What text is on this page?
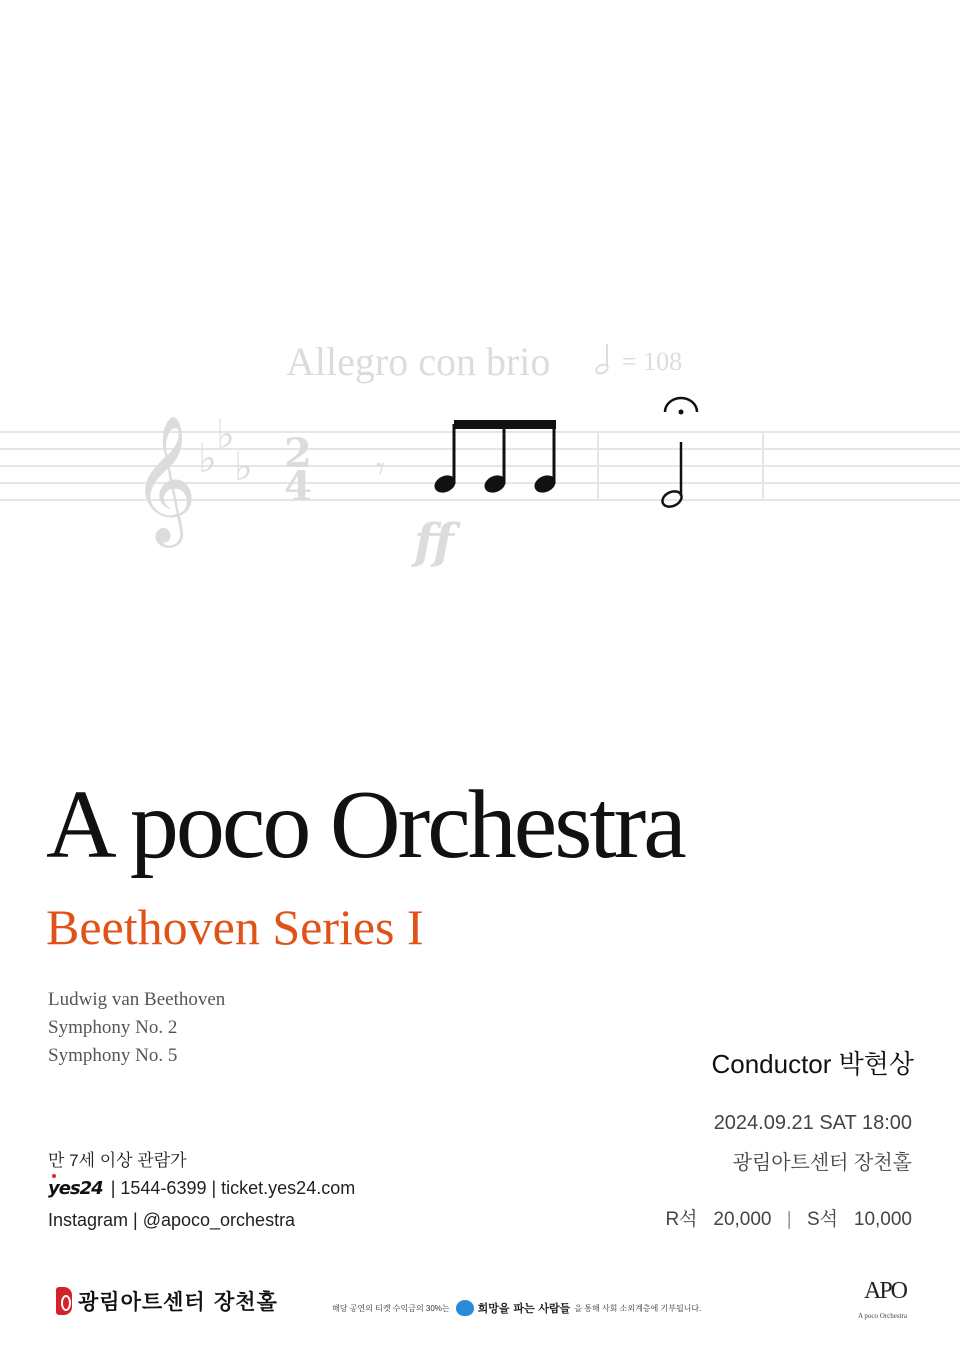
Allegro con brio	= 108
𝄞 ♭
♭
♭ 2
4 𝄾
ff
A poco Orchestra
Beethoven Series I
Ludwig van Beethoven
Symphony No. 2
Symphony No. 5	Conductor 박현상
2024.09.21 SAT 18:00
광림아트센터 장천홀
R석 20,000 | S석 10,000
만 7세 이상 관람가
yes24 | 1544-6399 | ticket.yes24.com
Instagram | @apoco_orchestra
광림아트센터 장천홀	해당 공연의 티켓 수익금의 30%는	희망을 파는 사람들 을 통해 사회 소외계층에 기부됩니다.
APO
A poco Orchestra
